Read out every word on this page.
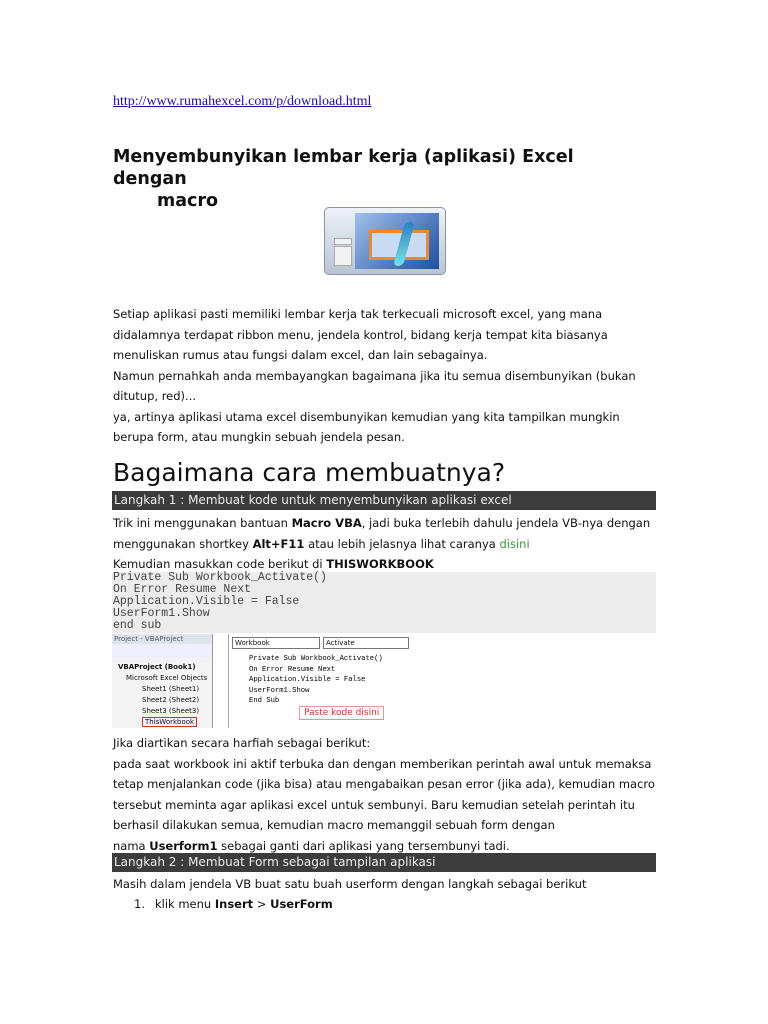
http://www.rumahexcel.com/p/download.html
Menyembunyikan lembar kerja (aplikasi) Excel dengan
macro
Setiap aplikasi pasti memiliki lembar kerja tak terkecuali microsoft excel, yang mana
didalamnya terdapat ribbon menu, jendela kontrol, bidang kerja tempat kita biasanya
menuliskan rumus atau fungsi dalam excel, dan lain sebagainya.
Namun pernahkah anda membayangkan bagaimana jika itu semua disembunyikan (bukan
ditutup, red)...
ya, artinya aplikasi utama excel disembunyikan kemudian yang kita tampilkan mungkin
berupa form, atau mungkin sebuah jendela pesan.
Bagaimana cara membuatnya?
Langkah 1 : Membuat kode untuk menyembunyikan aplikasi excel
Trik ini menggunakan bantuan Macro VBA, jadi buka terlebih dahulu jendela VB-nya dengan
menggunakan shortkey Alt+F11 atau lebih jelasnya lihat caranya disini
Kemudian masukkan code berikut di THISWORKBOOK
Private Sub Workbook_Activate()
On Error Resume Next
Application.Visible = False
UserForm1.Show
end sub
Project - VBAProject
VBAProject (Book1)
Microsoft Excel Objects
Sheet1 (Sheet1)
Sheet2 (Sheet2)
Sheet3 (Sheet3)
ThisWorkbook
Workbook	Activate
Private Sub Workbook_Activate()
On Error Resume Next
Application.Visible = False
UserForm1.Show
End Sub
Paste kode disini
Jika diartikan secara harfiah sebagai berikut:
pada saat workbook ini aktif terbuka dan dengan memberikan perintah awal untuk memaksa
tetap menjalankan code (jika bisa) atau mengabaikan pesan error (jika ada), kemudian macro
tersebut meminta agar aplikasi excel untuk sembunyi. Baru kemudian setelah perintah itu
berhasil dilakukan semua, kemudian macro memanggil sebuah form dengan
nama Userform1 sebagai ganti dari aplikasi yang tersembunyi tadi.
Langkah 2 : Membuat Form sebagai tampilan aplikasi
Masih dalam jendela VB buat satu buah userform dengan langkah sebagai berikut
1. klik menu Insert > UserForm
